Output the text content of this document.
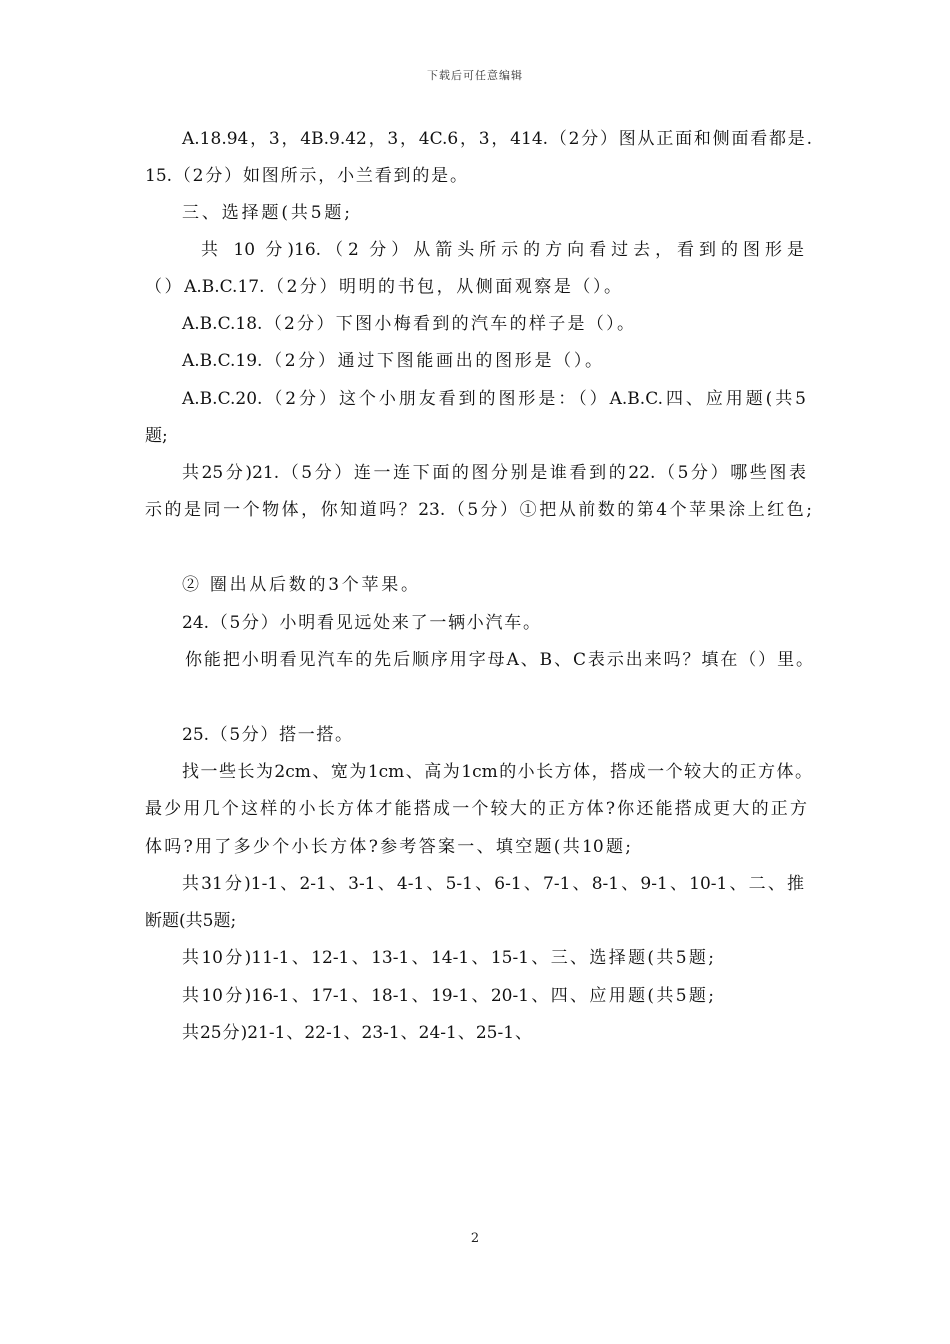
下载后可任意编辑
A.18.94，3，4B.9.42，3，4C.6，3，414.（2分）图从正面和侧面看都是.
15.（2分）如图所示，小兰看到的是。
三、选择题(共5题;
共 10 分)16.（2 分）从箭头所示的方向看过去，看到的图形是
（）A.B.C.17.（2分）明明的书包，从侧面观察是（）。
A.B.C.18.（2分）下图小梅看到的汽车的样子是（）。
A.B.C.19.（2分）通过下图能画出的图形是（）。
A.B.C.20.（2分）这个小朋友看到的图形是：（）A.B.C.四、应用题(共5
题;
共25分)21.（5分）连一连下面的图分别是谁看到的22.（5分）哪些图表
示的是同一个物体，你知道吗？23.（5分）①把从前数的第4个苹果涂上红色;
② 圈出从后数的3个苹果。
24.（5分）小明看见远处来了一辆小汽车。
你能把小明看见汽车的先后顺序用字母A、B、C表示出来吗？填在（）里。
25.（5分）搭一搭。
找一些长为2cm、宽为1cm、高为1cm的小长方体，搭成一个较大的正方体。
最少用几个这样的小长方体才能搭成一个较大的正方体?你还能搭成更大的正方
体吗?用了多少个小长方体?参考答案一、填空题(共10题;
共31分)1-1、2-1、3-1、4-1、5-1、6-1、7-1、8-1、9-1、10-1、二、推
断题(共5题;
共10分)11-1、12-1、13-1、14-1、15-1、三、选择题(共5题;
共10分)16-1、17-1、18-1、19-1、20-1、四、应用题(共5题;
共25分)21-1、22-1、23-1、24-1、25-1、
2
